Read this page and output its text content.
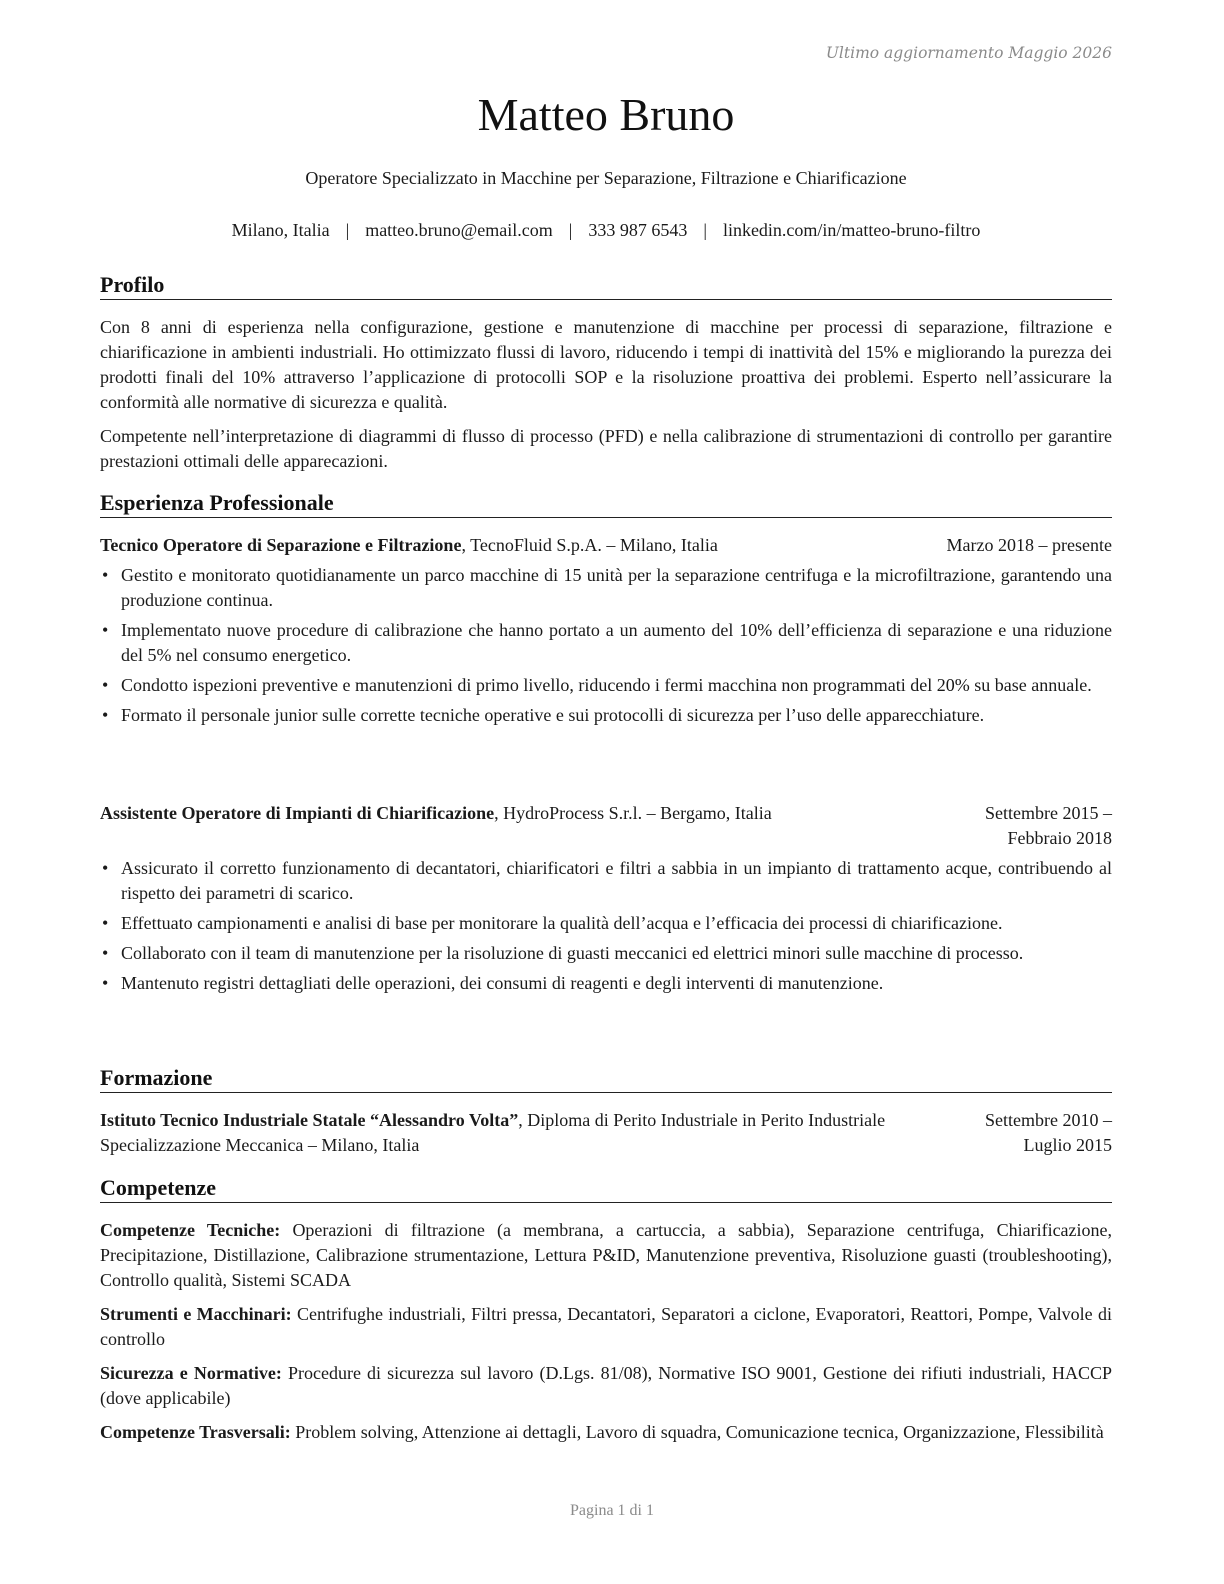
Ultimo aggiornamento Maggio 2026
Matteo Bruno
Operatore Specializzato in Macchine per Separazione, Filtrazione e Chiarificazione
Milano, Italia | matteo.bruno@email.com | 333 987 6543 | linkedin.com/in/matteo-bruno-filtro
Profilo
Con 8 anni di esperienza nella configurazione, gestione e manutenzione di macchine per processi di separazione, filtrazione e chiarificazione in ambienti industriali. Ho ottimizzato flussi di lavoro, riducendo i tempi di inattività del 15% e migliorando la purezza dei prodotti finali del 10% attraverso l’applicazione di protocolli SOP e la risoluzione proattiva dei problemi. Esperto nell’assicurare la conformità alle normative di sicurezza e qualità.
Competente nell’interpretazione di diagrammi di flusso di processo (PFD) e nella calibrazione di strumentazioni di controllo per garantire prestazioni ottimali delle apparecazioni.
Esperienza Professionale
Tecnico Operatore di Separazione e Filtrazione, TecnoFluid S.p.A. – Milano, Italia	Marzo 2018 – presente
• Gestito e monitorato quotidianamente un parco macchine di 15 unità per la separazione centrifuga e la microfiltrazione, garantendo una produzione continua.
• Implementato nuove procedure di calibrazione che hanno portato a un aumento del 10% dell’efficienza di separazione e una riduzione del 5% nel consumo energetico.
• Condotto ispezioni preventive e manutenzioni di primo livello, riducendo i fermi macchina non programmati del 20% su base annuale.
• Formato il personale junior sulle corrette tecniche operative e sui protocolli di sicurezza per l’uso delle apparecchiature.
Assistente Operatore di Impianti di Chiarificazione, HydroProcess S.r.l. – Bergamo, Italia	Settembre 2015 – Febbraio 2018
• Assicurato il corretto funzionamento di decantatori, chiarificatori e filtri a sabbia in un impianto di trattamento acque, contribuendo al rispetto dei parametri di scarico.
• Effettuato campionamenti e analisi di base per monitorare la qualità dell’acqua e l’efficacia dei processi di chiarificazione.
• Collaborato con il team di manutenzione per la risoluzione di guasti meccanici ed elettrici minori sulle macchine di processo.
• Mantenuto registri dettagliati delle operazioni, dei consumi di reagenti e degli interventi di manutenzione.
Formazione
Istituto Tecnico Industriale Statale “Alessandro Volta”, Diploma di Perito Industriale in Perito Industriale Specializzazione Meccanica – Milano, Italia
Settembre 2010 – Luglio 2015
Competenze
Competenze Tecniche: Operazioni di filtrazione (a membrana, a cartuccia, a sabbia), Separazione centrifuga, Chiarificazione, Precipitazione, Distillazione, Calibrazione strumentazione, Lettura P&ID, Manutenzione preventiva, Risoluzione guasti (troubleshooting), Controllo qualità, Sistemi SCADA
Strumenti e Macchinari: Centrifughe industriali, Filtri pressa, Decantatori, Separatori a ciclone, Evaporatori, Reattori, Pompe, Valvole di controllo
Sicurezza e Normative: Procedure di sicurezza sul lavoro (D.Lgs. 81/08), Normative ISO 9001, Gestione dei rifiuti industriali, HACCP (dove applicabile)
Competenze Trasversali: Problem solving, Attenzione ai dettagli, Lavoro di squadra, Comunicazione tecnica, Organizzazione, Flessibilità
Pagina 1 di 1
